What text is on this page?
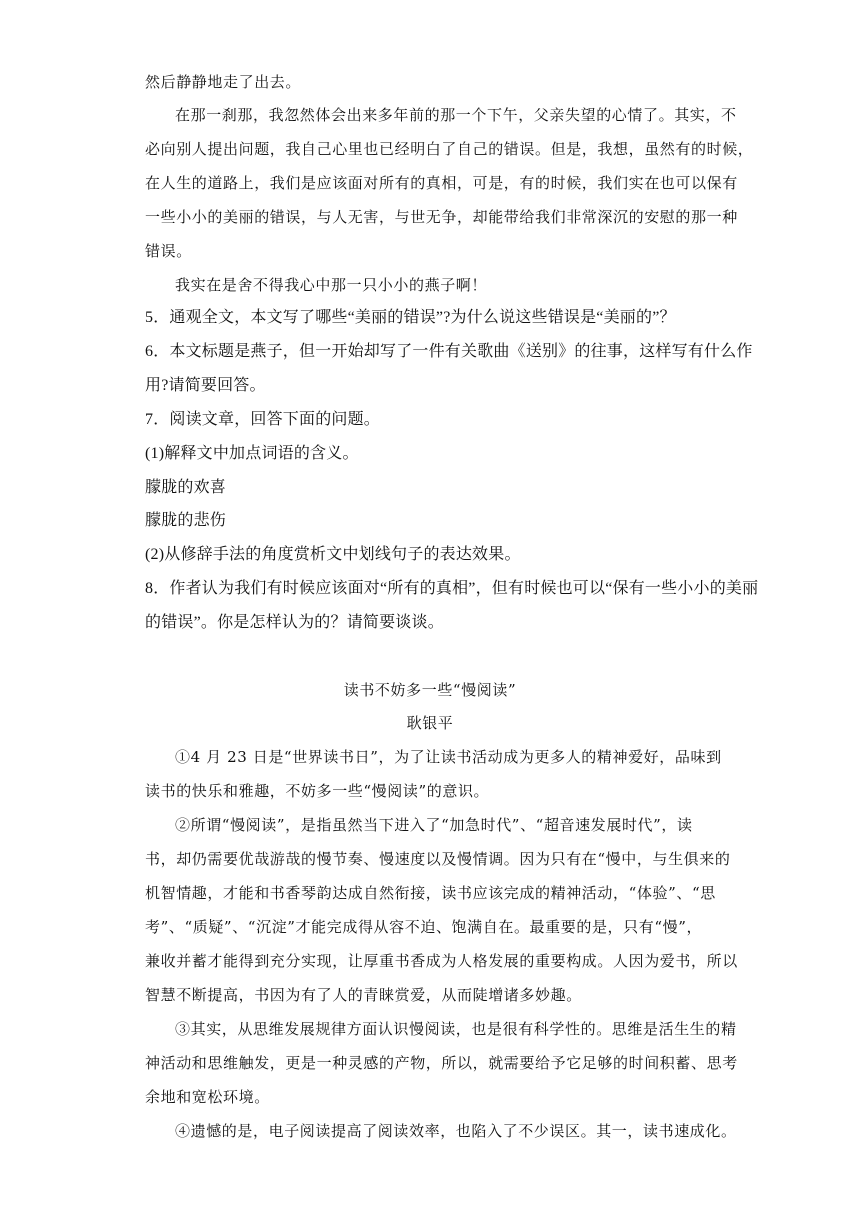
然后静静地走了出去。
在那一刹那，我忽然体会出来多年前的那一个下午，父亲失望的心情了。其实，不
必向别人提出问题，我自己心里也已经明白了自己的错误。但是，我想，虽然有的时候，
在人生的道路上，我们是应该面对所有的真相，可是，有的时候，我们实在也可以保有
一些小小的美丽的错误，与人无害，与世无争，却能带给我们非常深沉的安慰的那一种
错误。
我实在是舍不得我心中那一只小小的燕子啊！
5．通观全文，本文写了哪些“美丽的错误”?为什么说这些错误是“美丽的”？
6．本文标题是燕子，但一开始却写了一件有关歌曲《送别》的往事，这样写有什么作
用?请简要回答。
7．阅读文章，回答下面的问题。
(1)解释文中加点词语的含义。
朦胧的欢喜
朦胧的悲伤
(2)从修辞手法的角度赏析文中划线句子的表达效果。
8．作者认为我们有时候应该面对“所有的真相”，但有时候也可以“保有一些小小的美丽
的错误”。你是怎样认为的？请简要谈谈。
读书不妨多一些“慢阅读”
耿银平
①4 月 23 日是“世界读书日”，为了让读书活动成为更多人的精神爱好，品味到
读书的快乐和雅趣，不妨多一些“慢阅读”的意识。
②所谓“慢阅读”，是指虽然当下进入了“加急时代”、“超音速发展时代”，读
书，却仍需要优哉游哉的慢节奏、慢速度以及慢情调。因为只有在“慢中，与生俱来的
机智情趣，才能和书香琴韵达成自然衔接，读书应该完成的精神活动，“体验”、“思
考”、“质疑”、“沉淀”才能完成得从容不迫、饱满自在。最重要的是，只有“慢”，
兼收并蓄才能得到充分实现，让厚重书香成为人格发展的重要构成。人因为爱书，所以
智慧不断提高，书因为有了人的青睐赏爱，从而陡增诸多妙趣。
③其实，从思维发展规律方面认识慢阅读，也是很有科学性的。思维是活生生的精
神活动和思维触发，更是一种灵感的产物，所以，就需要给予它足够的时间积蓄、思考
余地和宽松环境。
④遗憾的是，电子阅读提高了阅读效率，也陷入了不少误区。其一，读书速成化。
